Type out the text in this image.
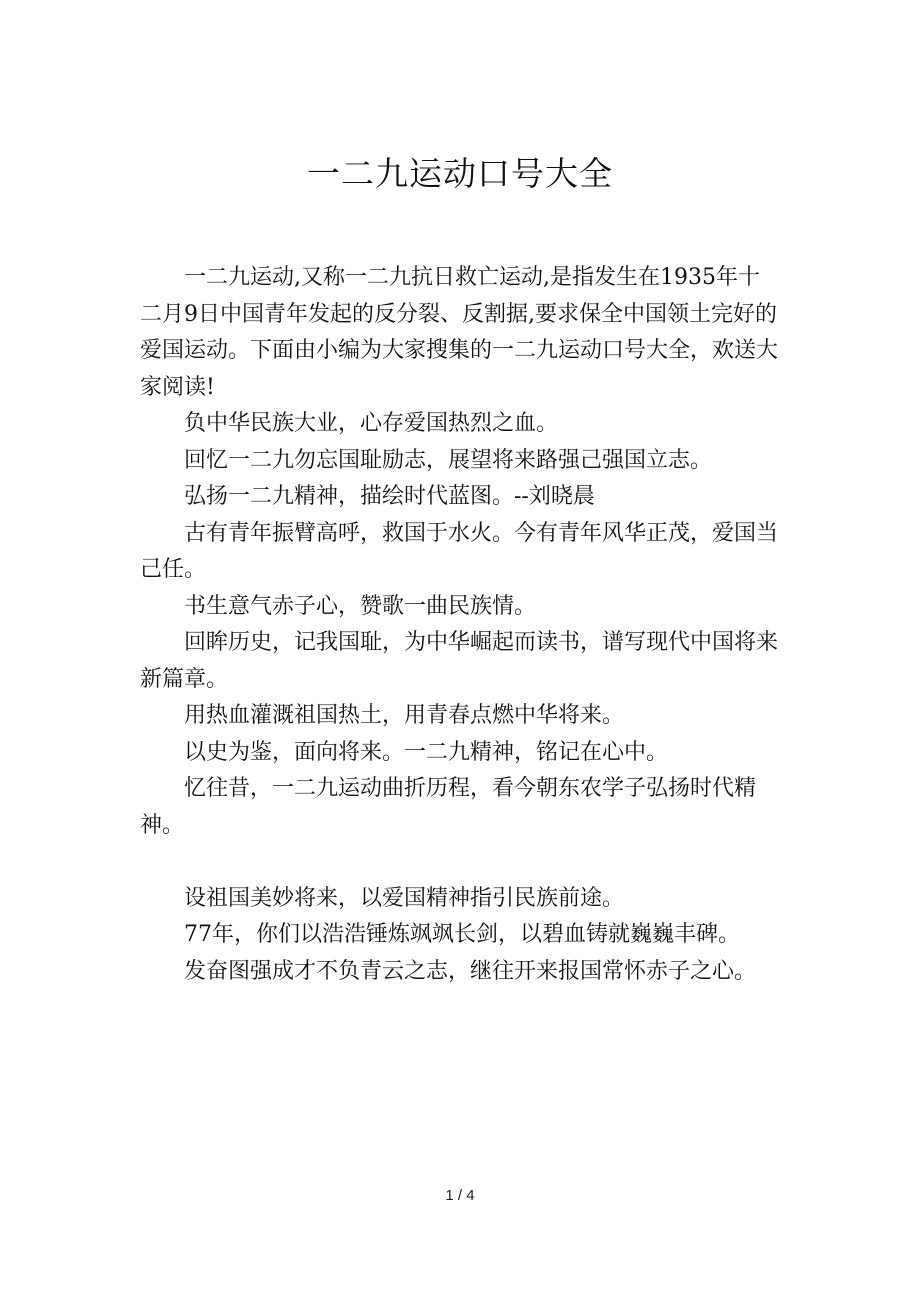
一二九运动口号大全

一二九运动,又称一二九抗日救亡运动,是指发生在1935年十二月9日中国青年发起的反分裂、反割据,要求保全中国领土完好的爱国运动。下面由小编为大家搜集的一二九运动口号大全，欢送大家阅读!

负中华民族大业，心存爱国热烈之血。

回忆一二九勿忘国耻励志，展望将来路强己强国立志。

弘扬一二九精神，描绘时代蓝图。--刘晓晨

古有青年振臂高呼，救国于水火。今有青年风华正茂，爱国当己任。

书生意气赤子心，赞歌一曲民族情。

回眸历史，记我国耻，为中华崛起而读书，谱写现代中国将来新篇章。

用热血灌溉祖国热土，用青春点燃中华将来。

以史为鉴，面向将来。一二九精神，铭记在心中。

忆往昔，一二九运动曲折历程，看今朝东农学子弘扬时代精神。

设祖国美妙将来，以爱国精神指引民族前途。

77年，你们以浩浩锤炼飒飒长剑，以碧血铸就巍巍丰碑。

发奋图强成才不负青云之志，继往开来报国常怀赤子之心。

1 / 4
